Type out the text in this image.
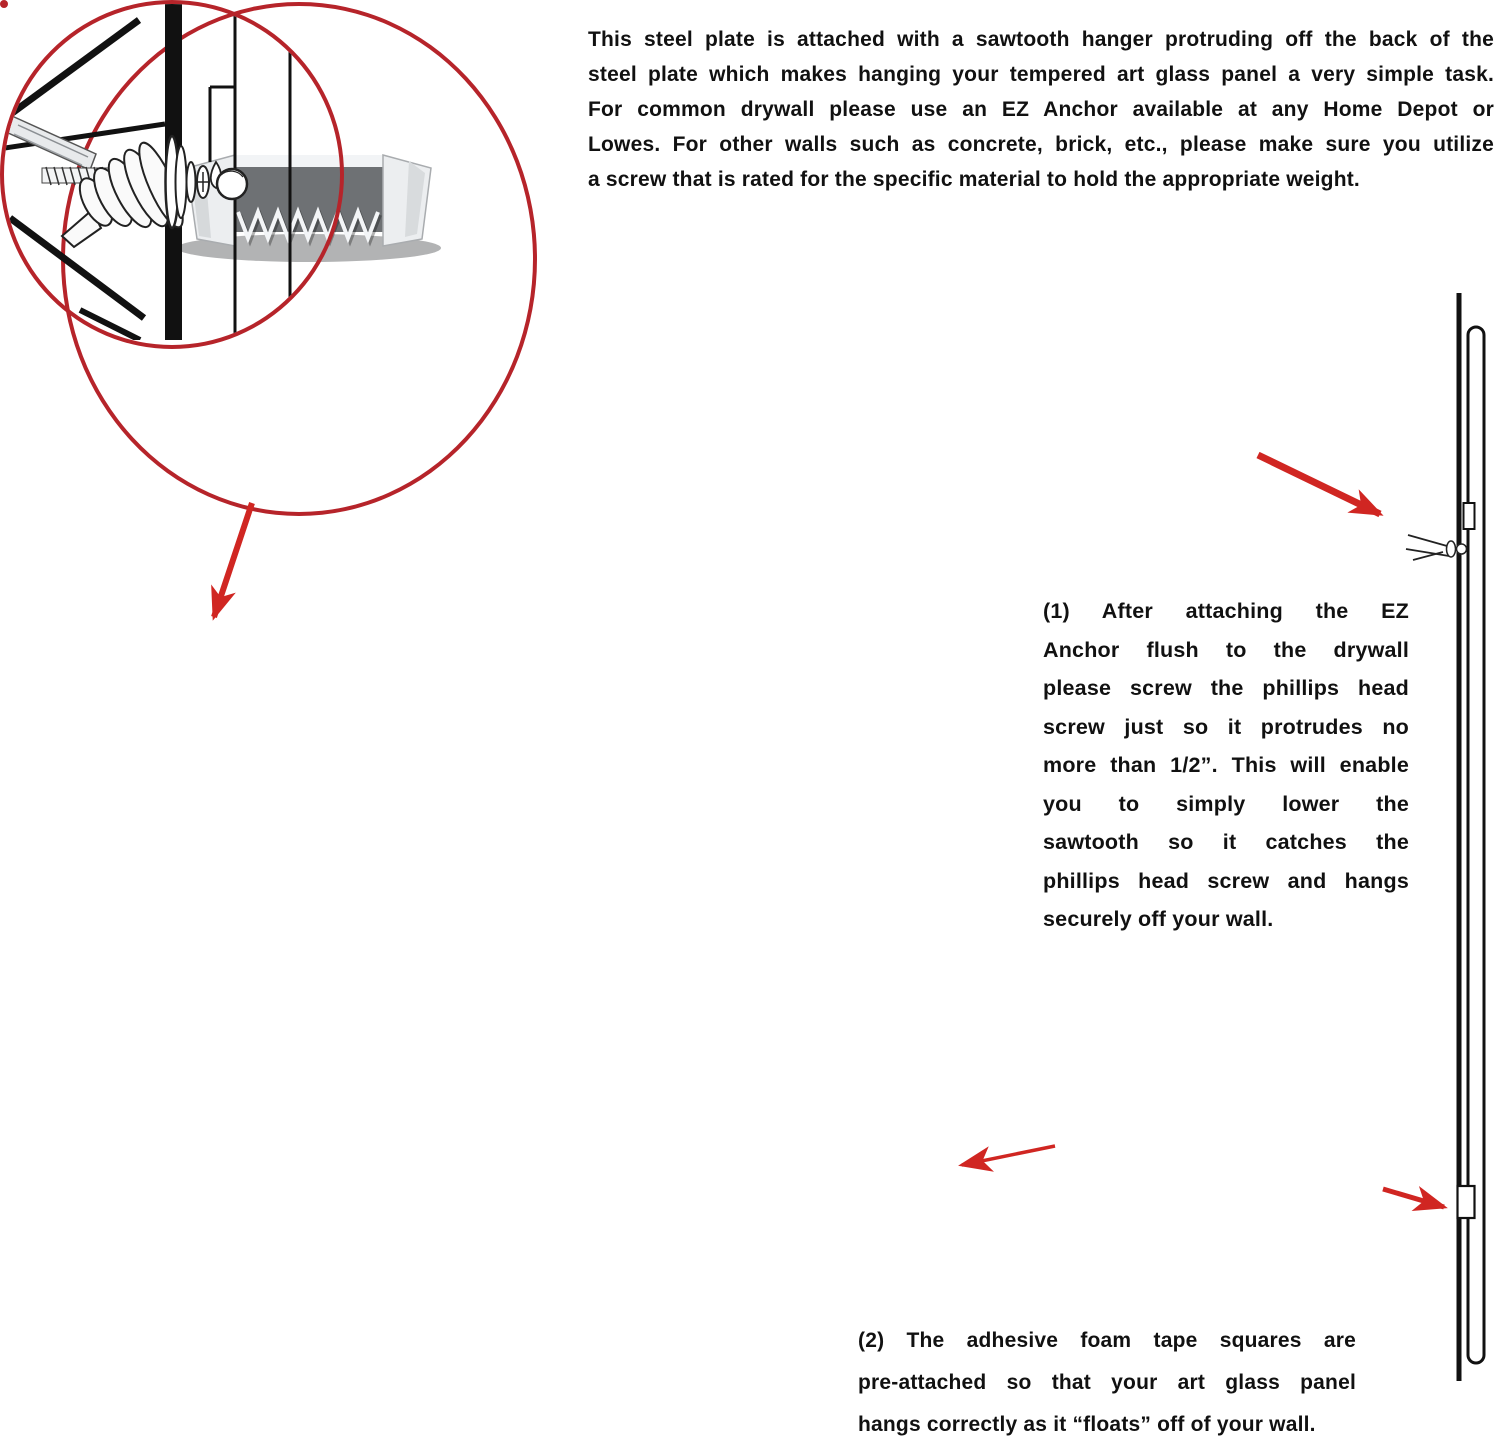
This steel plate is attached with a sawtooth hanger protruding off the back of the
steel plate which makes hanging your tempered art glass panel a very simple task.
For common drywall please use an EZ Anchor available at any Home Depot or
Lowes. For other walls such as concrete, brick, etc., please make sure you utilize
a screw that is rated for the specific material to hold the appropriate weight.
(1) After attaching the EZ
Anchor flush to the drywall
please screw the phillips head
screw just so it protrudes no
more than 1/2”. This will enable
you to simply lower the
sawtooth so it catches the
phillips head screw and hangs
securely off your wall.
(2) The adhesive foam tape squares are
pre-attached so that your art glass panel
hangs correctly as it “floats” off of your wall.
